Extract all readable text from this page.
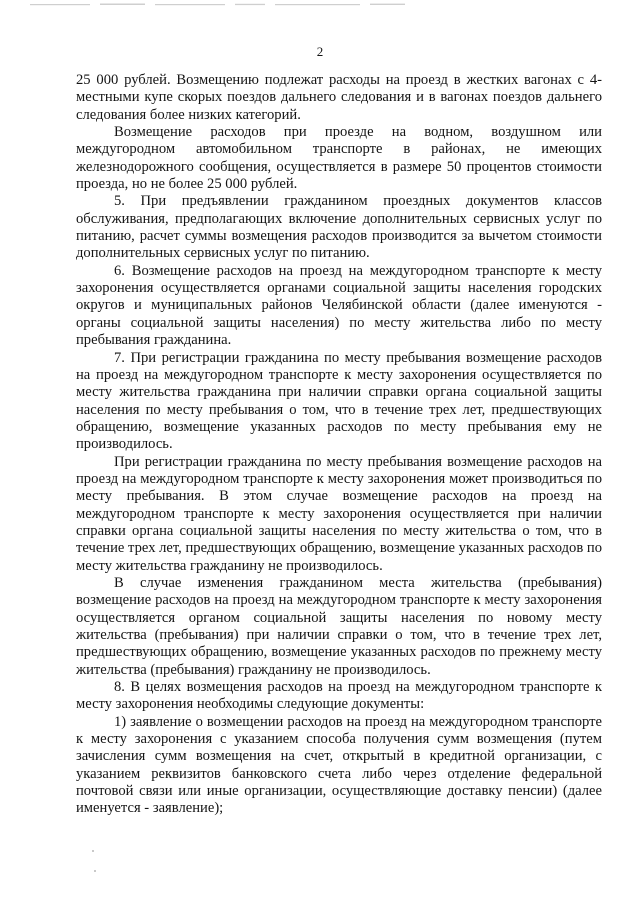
2

25 000 рублей. Возмещению подлежат расходы на проезд в жестких вагонах с 4-местными купе скорых поездов дальнего следования и в вагонах поездов дальнего следования более низких категорий.

Возмещение расходов при проезде на водном, воздушном или междугородном автомобильном транспорте в районах, не имеющих железнодорожного сообщения, осуществляется в размере 50 процентов стоимости проезда, но не более 25 000 рублей.

5. При предъявлении гражданином проездных документов классов обслуживания, предполагающих включение дополнительных сервисных услуг по питанию, расчет суммы возмещения расходов производится за вычетом стоимости дополнительных сервисных услуг по питанию.

6. Возмещение расходов на проезд на междугородном транспорте к месту захоронения осуществляется органами социальной защиты населения городских округов и муниципальных районов Челябинской области (далее именуются - органы социальной защиты населения) по месту жительства либо по месту пребывания гражданина.

7. При регистрации гражданина по месту пребывания возмещение расходов на проезд на междугородном транспорте к месту захоронения осуществляется по месту жительства гражданина при наличии справки органа социальной защиты населения по месту пребывания о том, что в течение трех лет, предшествующих обращению, возмещение указанных расходов по месту пребывания ему не производилось.

При регистрации гражданина по месту пребывания возмещение расходов на проезд на междугородном транспорте к месту захоронения может производиться по месту пребывания. В этом случае возмещение расходов на проезд на междугородном транспорте к месту захоронения осуществляется при наличии справки органа социальной защиты населения по месту жительства о том, что в течение трех лет, предшествующих обращению, возмещение указанных расходов по месту жительства гражданину не производилось.

В случае изменения гражданином места жительства (пребывания) возмещение расходов на проезд на междугородном транспорте к месту захоронения осуществляется органом социальной защиты населения по новому месту жительства (пребывания) при наличии справки о том, что в течение трех лет, предшествующих обращению, возмещение указанных расходов по прежнему месту жительства (пребывания) гражданину не производилось.

8. В целях возмещения расходов на проезд на междугородном транспорте к месту захоронения необходимы следующие документы:

1) заявление о возмещении расходов на проезд на междугородном транспорте к месту захоронения с указанием способа получения сумм возмещения (путем зачисления сумм возмещения на счет, открытый в кредитной организации, с указанием реквизитов банковского счета либо через отделение федеральной почтовой связи или иные организации, осуществляющие доставку пенсии) (далее именуется - заявление);
